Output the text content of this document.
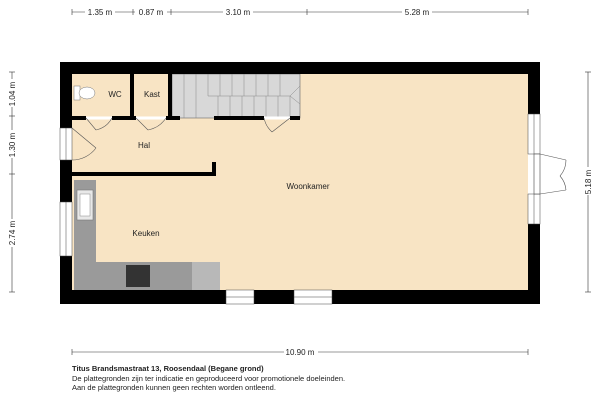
1.35 m	0.87 m	3.10 m	5.28 m
10.90 m
1.04 m
1.30 m
2.74 m
5.18 m
WC	Kast
Hal
Woonkamer
Keuken
Titus Brandsmastraat 13, Roosendaal (Begane grond)
De plattegronden zijn ter indicatie en geproduceerd voor promotionele doeleinden.
Aan de plattegronden kunnen geen rechten worden ontleend.
